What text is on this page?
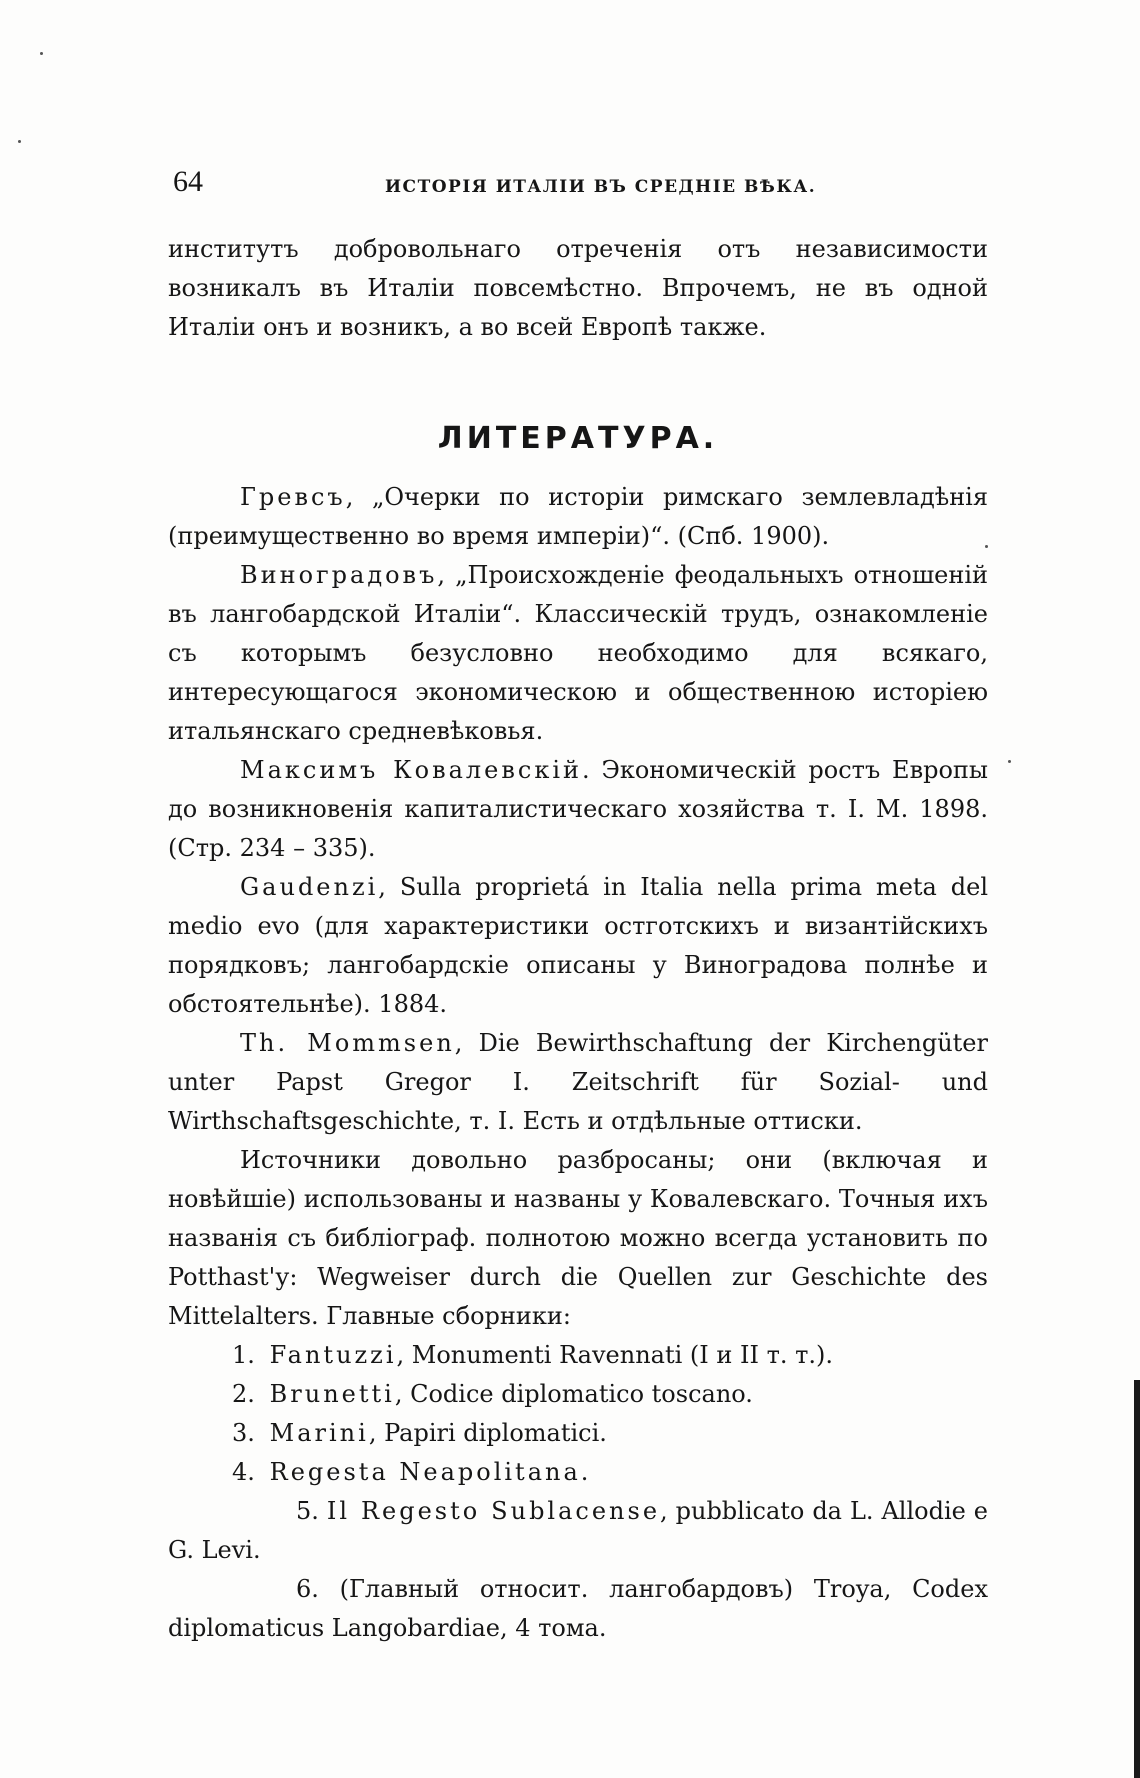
64	ИСТОРІЯ ИТАЛІИ ВЪ СРЕДНІЕ ВѢКА.

институтъ добровольнаго отреченія отъ независимости возникалъ въ Италіи повсемѣстно. Впрочемъ, не въ одной Италіи онъ и возникъ, а во всей Европѣ также.

ЛИТЕРАТУРА.

Гревсъ, „Очерки по исторіи римскаго землевладѣнія (преимущественно во время имперіи)“. (Спб. 1900).

Виноградовъ, „Происхожденіе феодальныхъ отношеній въ лангобардской Италіи“. Классическій трудъ, ознакомленіе съ которымъ безусловно необходимо для всякаго, интересующагося экономическою и общественною исторіею итальянскаго средневѣковья.

Максимъ Ковалевскій. Экономическій ростъ Европы до возникновенія капиталистическаго хозяйства т. I. М. 1898. (Стр. 234 – 335).

Gaudenzi, Sulla proprietá in Italia nella prima meta del medio evo (для характеристики остготскихъ и византійскихъ порядковъ; лангобардскіе описаны у Виноградова полнѣе и обстоятельнѣе). 1884.

Th. Mommsen, Die Bewirthschaftung der Kirchengüter unter Papst Gregor I. Zeitschrift für Sozial- und Wirthschaftsgeschichte, т. I. Есть и отдѣльные оттиски.

Источники довольно разбросаны; они (включая и новѣйшіе) использованы и названы у Ковалевскаго. Точныя ихъ названія съ библіограф. полнотою можно всегда установить по Potthast'у: Wegweiser durch die Quellen zur Geschichte des Mittelalters. Главные сборники:

1. Fantuzzi, Monumenti Ravennati (I и II т. т.).

2. Brunetti, Codice diplomatico toscano.

3. Marini, Papiri diplomatici.

4. Regesta Neapolitana.

5. Il Regesto Sublacense, pubblicato da L. Allodie e G. Levi.

6. (Главный относит. лангобардовъ) Troya, Codex diplomaticus Langobardiae, 4 тома.
